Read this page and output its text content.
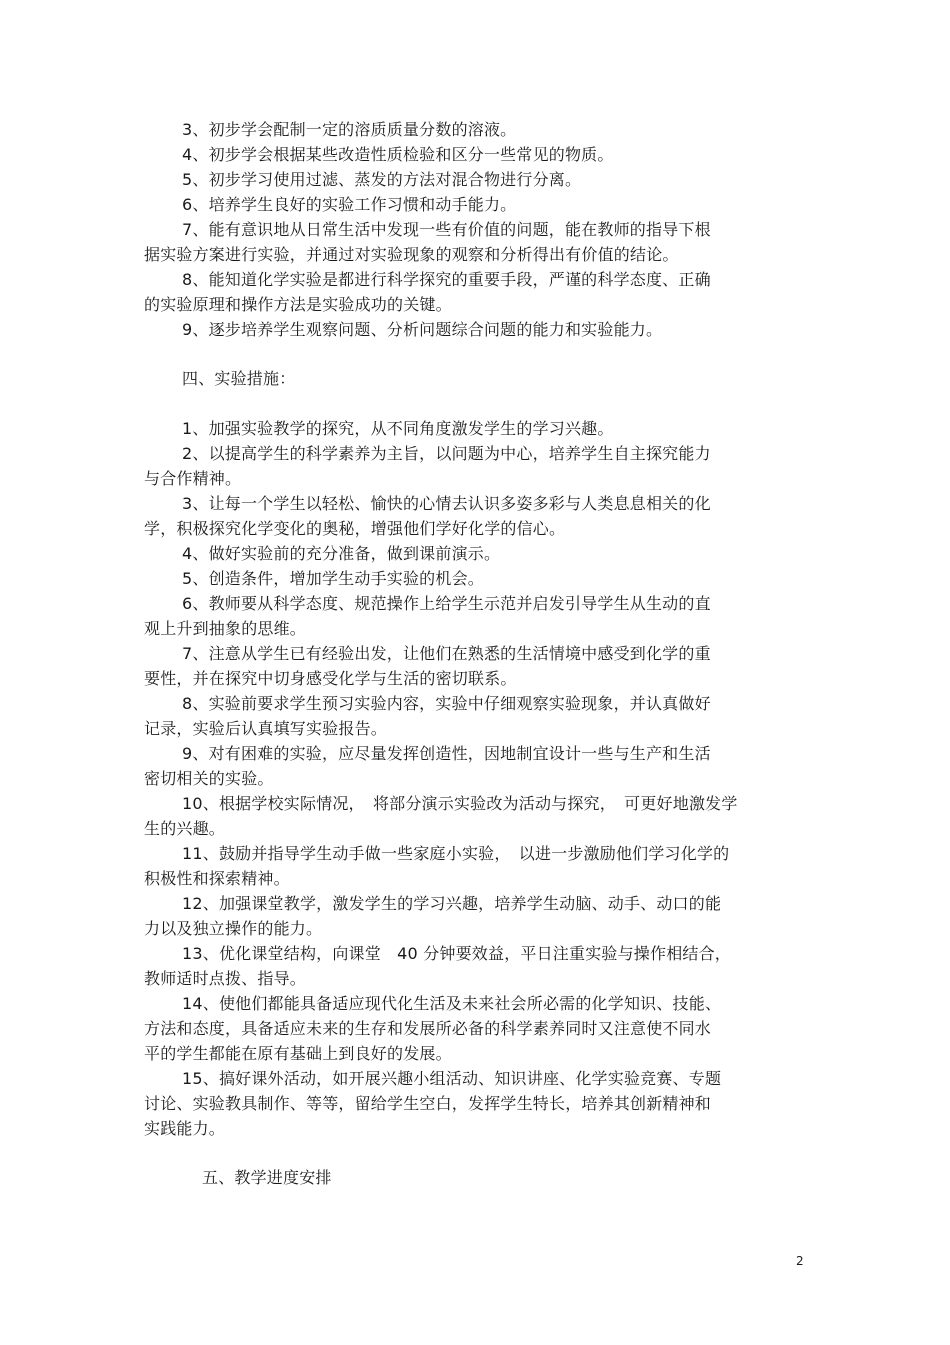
3、初步学会配制一定的溶质质量分数的溶液。
4、初步学会根据某些改造性质检验和区分一些常见的物质。
5、初步学习使用过滤、蒸发的方法对混合物进行分离。
6、培养学生良好的实验工作习惯和动手能力。
7、能有意识地从日常生活中发现一些有价值的问题，能在教师的指导下根
据实验方案进行实验，并通过对实验现象的观察和分析得出有价值的结论。
8、能知道化学实验是都进行科学探究的重要手段，严谨的科学态度、正确
的实验原理和操作方法是实验成功的关键。
9、逐步培养学生观察问题、分析问题综合问题的能力和实验能力。
四、实验措施：
1、加强实验教学的探究，从不同角度激发学生的学习兴趣。
2、以提高学生的科学素养为主旨，以问题为中心，培养学生自主探究能力
与合作精神。
3、让每一个学生以轻松、愉快的心情去认识多姿多彩与人类息息相关的化
学，积极探究化学变化的奥秘，增强他们学好化学的信心。
4、做好实验前的充分准备，做到课前演示。
5、创造条件，增加学生动手实验的机会。
6、教师要从科学态度、规范操作上给学生示范并启发引导学生从生动的直
观上升到抽象的思维。
7、注意从学生已有经验出发，让他们在熟悉的生活情境中感受到化学的重
要性，并在探究中切身感受化学与生活的密切联系。
8、实验前要求学生预习实验内容，实验中仔细观察实验现象，并认真做好
记录，实验后认真填写实验报告。
9、对有困难的实验，应尽量发挥创造性，因地制宜设计一些与生产和生活
密切相关的实验。
10、根据学校实际情况，　将部分演示实验改为活动与探究，　可更好地激发学
生的兴趣。
11、鼓励并指导学生动手做一些家庭小实验，　以进一步激励他们学习化学的
积极性和探索精神。
12、加强课堂教学，激发学生的学习兴趣，培养学生动脑、动手、动口的能
力以及独立操作的能力。
13、优化课堂结构，向课堂　40 分钟要效益，平日注重实验与操作相结合，
教师适时点拨、指导。
14、使他们都能具备适应现代化生活及未来社会所必需的化学知识、技能、
方法和态度，具备适应未来的生存和发展所必备的科学素养同时又注意使不同水
平的学生都能在原有基础上到良好的发展。
15、搞好课外活动，如开展兴趣小组活动、知识讲座、化学实验竞赛、专题
讨论、实验教具制作、等等，留给学生空白，发挥学生特长，培养其创新精神和
实践能力。
五、教学进度安排
2
